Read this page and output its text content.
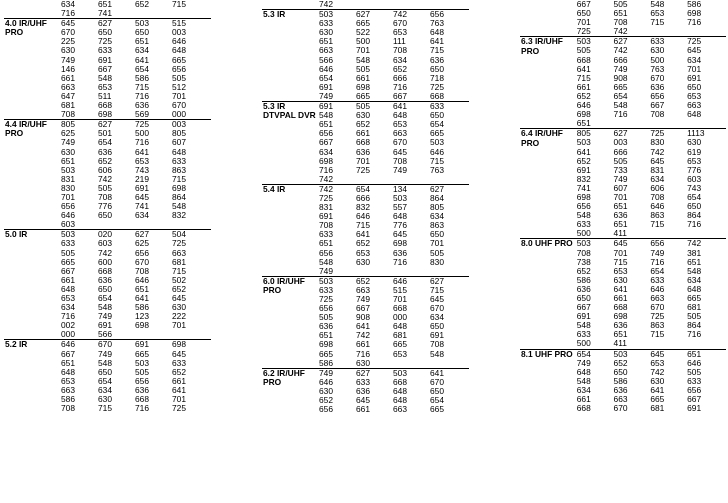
	634	651	652	715
	716	741		
4.0 IR/UHF PRO	645	627	503	515
	670	650	650	003
	225	725	651	646
	630	633	634	648
	749	691	641	665
	146	667	654	656
	661	548	586	505
	663	653	715	512
	647	511	716	701
	681	668	636	670
	708	698	569	000
4.4 IR/UHF PRO	805	627	725	003
	625	501	500	805
	749	654	716	607
	630	636	641	648
	651	652	653	633
	503	606	743	863
	831	742	219	715
	830	505	691	698
	701	708	645	864
	656	776	741	548
	646	650	634	832
	603			
5.0 IR	503	020	627	504
	633	603	625	725
	505	742	656	663
	665	600	670	681
	667	668	708	715
	661	636	646	502
	648	650	651	652
	653	654	641	645
	634	548	586	630
	716	749	123	222
	002	691	698	701
	000	566		
5.2 IR	646	670	691	698
	667	749	665	645
	651	548	503	633
	648	650	505	652
	653	654	656	661
	663	634	636	641
	586	630	668	701
	708	715	716	725
	742			
5.3 IR	503	627	742	656
	633	665	670	763
	630	522	653	648
	651	500	111	641
	663	701	708	715
	566	548	634	636
	646	505	652	650
	654	661	666	718
	691	698	716	725
	749	665	667	668
5.3 IR DTVPAL DVR	691	505	641	633
	548	630	648	650
	651	652	653	654
	656	661	663	665
	667	668	670	503
	634	636	645	646
	698	701	708	715
	716	725	749	763
	742			
5.4 IR	742	654	134	627
	725	666	503	864
	831	832	557	805
	691	646	648	634
	708	715	776	863
	633	641	645	650
	651	652	698	701
	656	653	636	505
	548	630	716	830
	749			
6.0 IR/UHF PRO	503	652	646	627
	633	663	515	715
	725	749	701	645
	656	667	668	670
	505	908	000	634
	636	641	648	650
	651	742	681	691
	698	661	665	708
	665	716	653	548
	586	630		
6.2 IR/UHF PRO	749	627	503	641
	646	633	668	670
	630	636	648	650
	652	645	648	654
	656	661	663	665
	667	505	548	586
	650	651	653	698
	701	708	715	716
	725	742		
6.3 IR/UHF PRO	503	627	633	725
	505	742	630	645
	668	666	500	634
	641	749	763	701
	715	908	670	691
	661	665	636	650
	652	654	656	653
	646	548	667	663
	698	716	708	648
	651			
6.4 IR/UHF PRO	805	627	725	1113
	503	003	830	630
	641	666	742	619
	652	505	645	653
	691	733	831	776
	832	749	634	603
	741	607	606	743
	698	701	708	654
	656	651	646	650
	548	636	863	864
	633	651	715	716
	500	411		
8.0 UHF PRO	503	645	656	742
	708	701	749	381
	738	715	716	651
	652	653	654	548
	586	630	633	634
	636	641	646	648
	650	661	663	665
	667	668	670	681
	691	698	725	505
	548	636	863	864
	633	651	715	716
	500	411		
8.1 UHF PRO	654	503	645	651
	749	652	653	646
	648	650	742	505
	548	586	630	633
	634	636	641	656
	661	663	665	667
	668	670	681	691
